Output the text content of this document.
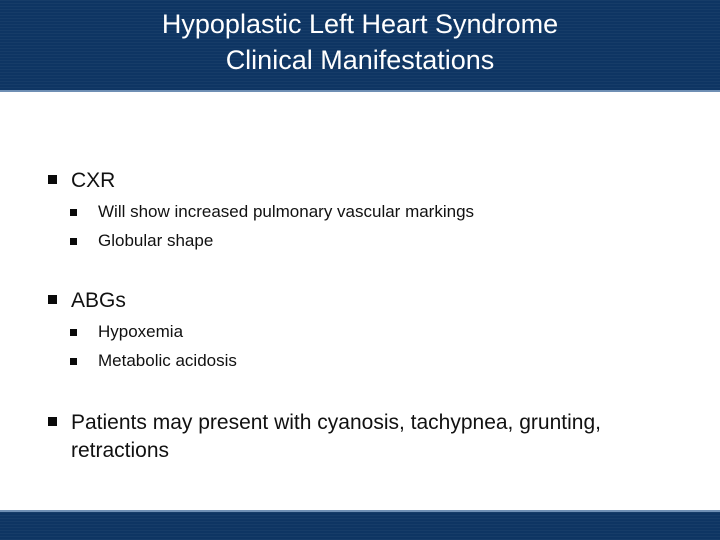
Hypoplastic Left Heart Syndrome
Clinical Manifestations
CXR
Will show increased pulmonary vascular markings
Globular shape
ABGs
Hypoxemia
Metabolic acidosis
Patients may present with cyanosis, tachypnea, grunting, retractions
